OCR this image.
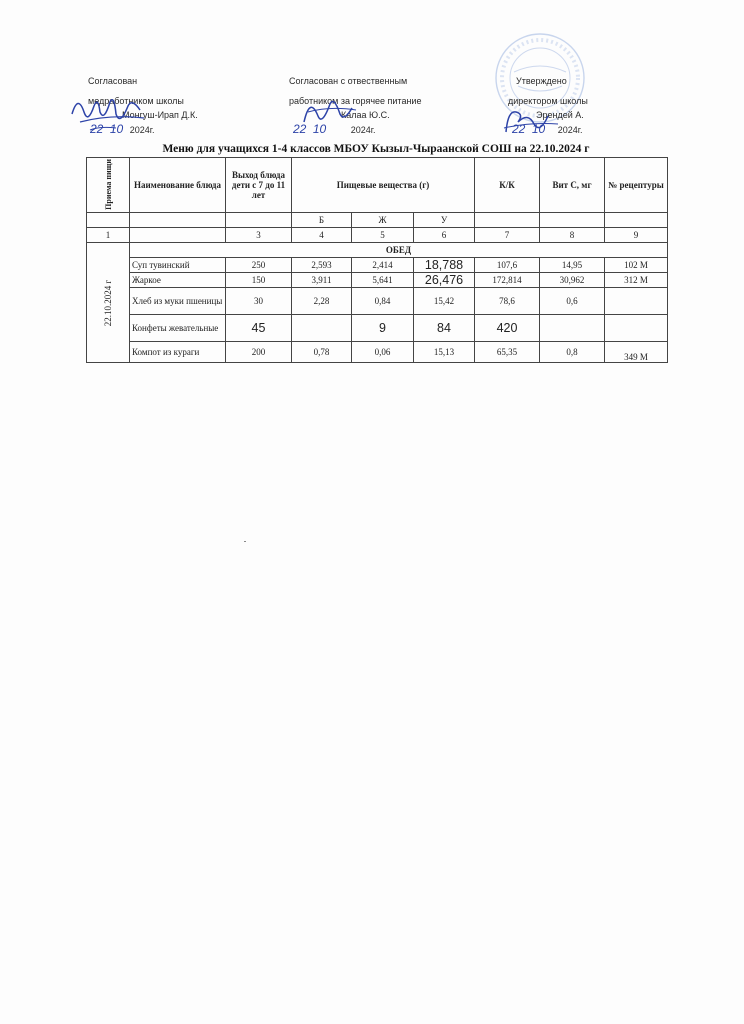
Согласован
медработником школы
Монгуш-Ирап Д.К.
22 10 2024г.
Согласован с отвественным
работником за горячее питание
Калаа Ю.С.
22 10	2024г.
Утверждено
директором школы
Эрендей А.
22 10 2024г.
Меню для учащихся 1-4 классов МБОУ Кызыл-Чыраанской СОШ на 22.10.2024 г
Приема пищи	Наименование блюда	Выход блюда дети с 7 до 11 лет	Пищевые вещества (г)			К/К	Вит С, мг	№ рецептуры
			Б	Ж	У			
1		3	4	5	6	7	8	9

22.10.2024 г	ОБЕД							
	Суп тувинский	250	2,593	2,414	18,788	107,6	14,95	102 М
	Жаркое	150	3,911	5,641	26,476	172,814	30,962	312 М
	Хлеб из муки пшеницы	30	2,28	0,84	15,42	78,6	0,6	
	Конфеты жевательные	45		9	84	420		
	Компот из кураги	200	0,78	0,06	15,13	65,35	0,8	349 М
